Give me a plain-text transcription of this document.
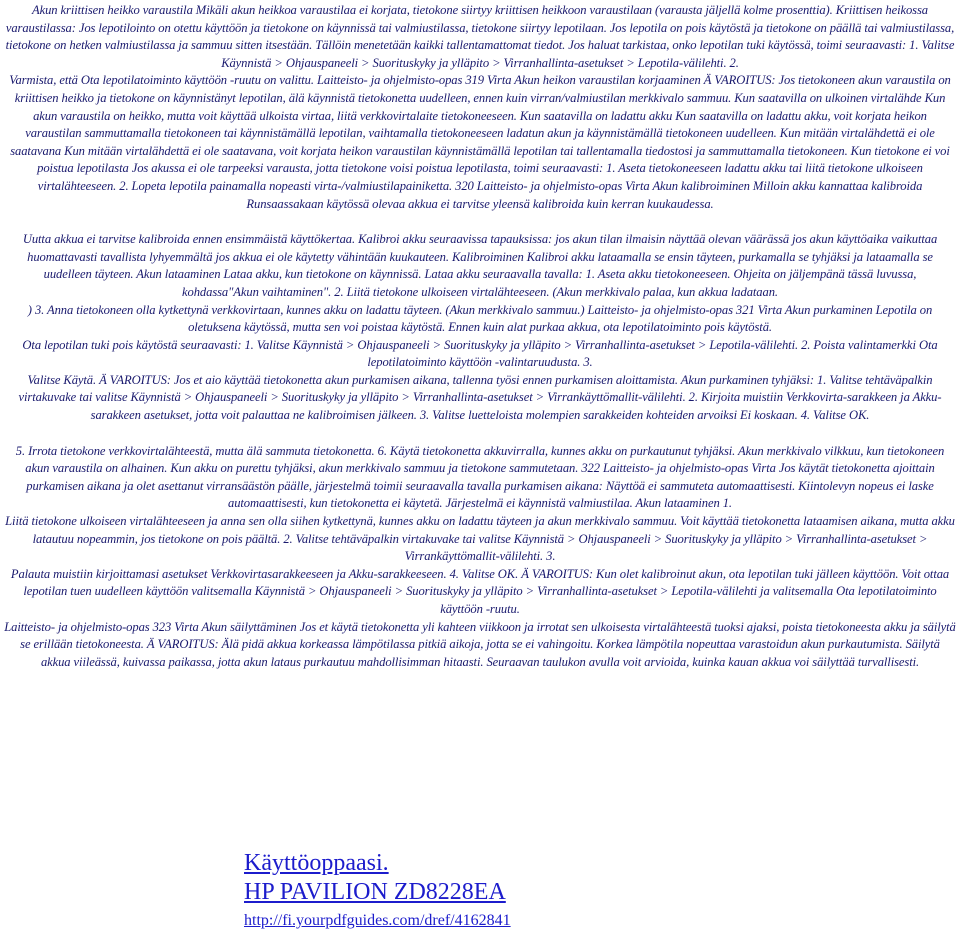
Akun kriittisen heikko varaustila Mikäli akun heikkoa varaustilaa ei korjata, tietokone siirtyy kriittisen heikkoon varaustilaan (varausta jäljellä kolme prosenttia). Kriittisen heikossa varaustilassa: Jos lepotilointo on otettu käyttöön ja tietokone on käynnissä tai valmiustilassa, tietokone siirtyy lepotilaan. Jos lepotila on pois käytöstä ja tietokone on päällä tai valmiustilassa, tietokone on hetken valmiustilassa ja sammuu sitten itsestään. Tällöin menetetään kaikki tallentamattomat tiedot. Jos haluat tarkistaa, onko lepotilan tuki käytössä, toimi seuraavasti: 1. Valitse Käynnistä > Ohjauspaneeli > Suorituskyky ja ylläpito > Virranhallinta-asetukset > Lepotila-välilehti. 2.

Varmista, että Ota lepotilatoiminto käyttöön -ruutu on valittu. Laitteisto- ja ohjelmisto-opas 319 Virta Akun heikon varaustilan korjaaminen Ä VAROITUS: Jos tietokoneen akun varaustila on kriittisen heikko ja tietokone on käynnistänyt lepotilan, älä käynnistä tietokonetta uudelleen, ennen kuin virran/valmiustilan merkkivalo sammuu. Kun saatavilla on ulkoinen virtalähde Kun akun varaustila on heikko, mutta voit käyttää ulkoista virtaa, liitä verkkovirtalaite tietokoneeseen. Kun saatavilla on ladattu akku Kun saatavilla on ladattu akku, voit korjata heikon varaustilan sammuttamalla tietokoneen tai käynnistämällä lepotilan, vaihtamalla tietokoneeseen ladatun akun ja käynnistämällä tietokoneen uudelleen. Kun mitään virtalähdettä ei ole saatavana Kun mitään virtalähdettä ei ole saatavana, voit korjata heikon varaustilan käynnistämällä lepotilan tai tallentamalla tiedostosi ja sammuttamalla tietokoneen. Kun tietokone ei voi poistua lepotilasta Jos akussa ei ole tarpeeksi varausta, jotta tietokone voisi poistua lepotilasta, toimi seuraavasti: 1. Aseta tietokoneeseen ladattu akku tai liitä tietokone ulkoiseen virtalähteeseen. 2. Lopeta lepotila painamalla nopeasti virta-/valmiustilapainiketta. 320 Laitteisto- ja ohjelmisto-opas Virta Akun kalibroiminen Milloin akku kannattaa kalibroida Runsaassakaan käytössä olevaa akkua ei tarvitse yleensä kalibroida kuin kerran kuukaudessa.

Uutta akkua ei tarvitse kalibroida ennen ensimmäistä käyttökertaa. Kalibroi akku seuraavissa tapauksissa: jos akun tilan ilmaisin näyttää olevan väärässä jos akun käyttöaika vaikuttaa huomattavasti tavallista lyhyemmältä jos akkua ei ole käytetty vähintään kuukauteen. Kalibroiminen Kalibroi akku lataamalla se ensin täyteen, purkamalla se tyhjäksi ja lataamalla se uudelleen täyteen. Akun lataaminen Lataa akku, kun tietokone on käynnissä. Lataa akku seuraavalla tavalla: 1. Aseta akku tietokoneeseen. Ohjeita on jäljempänä tässä luvussa, kohdassa"Akun vaihtaminen". 2. Liitä tietokone ulkoiseen virtalähteeseen. (Akun merkkivalo palaa, kun akkua ladataan.

) 3. Anna tietokoneen olla kytkettynä verkkovirtaan, kunnes akku on ladattu täyteen. (Akun merkkivalo sammuu.) Laitteisto- ja ohjelmisto-opas 321 Virta Akun purkaminen Lepotila on oletuksena käytössä, mutta sen voi poistaa käytöstä. Ennen kuin alat purkaa akkua, ota lepotilatoiminto pois käytöstä.

Ota lepotilan tuki pois käytöstä seuraavasti: 1. Valitse Käynnistä > Ohjauspaneeli > Suorituskyky ja ylläpito > Virranhallinta-asetukset > Lepotila-välilehti. 2. Poista valintamerkki Ota lepotilatoiminto käyttöön -valintaruudusta. 3.

Valitse Käytä. Ä VAROITUS: Jos et aio käyttää tietokonetta akun purkamisen aikana, tallenna työsi ennen purkamisen aloittamista. Akun purkaminen tyhjäksi: 1. Valitse tehtäväpalkin virtakuvake tai valitse Käynnistä > Ohjauspaneeli > Suorituskyky ja ylläpito > Virranhallinta-asetukset > Virrankäyttömallit-välilehti. 2. Kirjoita muistiin Verkkovirta-sarakkeen ja Akku-sarakkeen asetukset, jotta voit palauttaa ne kalibroimisen jälkeen. 3. Valitse luetteloista molempien sarakkeiden kohteiden arvoiksi Ei koskaan. 4. Valitse OK.

5. Irrota tietokone verkkovirtalähteestä, mutta älä sammuta tietokonetta. 6. Käytä tietokonetta akkuvirralla, kunnes akku on purkautunut tyhjäksi. Akun merkkivalo vilkkuu, kun tietokoneen akun varaustila on alhainen. Kun akku on purettu tyhjäksi, akun merkkivalo sammuu ja tietokone sammutetaan. 322 Laitteisto- ja ohjelmisto-opas Virta Jos käytät tietokonetta ajoittain purkamisen aikana ja olet asettanut virransäästön päälle, järjestelmä toimii seuraavalla tavalla purkamisen aikana: Näyttöä ei sammuteta automaattisesti. Kiintolevyn nopeus ei laske automaattisesti, kun tietokonetta ei käytetä. Järjestelmä ei käynnistä valmiustilaa. Akun lataaminen 1.

Liitä tietokone ulkoiseen virtalähteeseen ja anna sen olla siihen kytkettynä, kunnes akku on ladattu täyteen ja akun merkkivalo sammuu. Voit käyttää tietokonetta lataamisen aikana, mutta akku latautuu nopeammin, jos tietokone on pois päältä. 2. Valitse tehtäväpalkin virtakuvake tai valitse Käynnistä > Ohjauspaneeli > Suorituskyky ja ylläpito > Virranhallinta-asetukset > Virrankäyttömallit-välilehti. 3.

Palauta muistiin kirjoittamasi asetukset Verkkovirtasarakkeeseen ja Akku-sarakkeeseen. 4. Valitse OK. Ä VAROITUS: Kun olet kalibroinut akun, ota lepotilan tuki jälleen käyttöön. Voit ottaa lepotilan tuen uudelleen käyttöön valitsemalla Käynnistä > Ohjauspaneeli > Suorituskyky ja ylläpito > Virranhallinta-asetukset > Lepotila-välilehti ja valitsemalla Ota lepotilatoiminto käyttöön -ruutu.

Laitteisto- ja ohjelmisto-opas 323 Virta Akun säilyttäminen Jos et käytä tietokonetta yli kahteen viikkoon ja irrotat sen ulkoisesta virtalähteestä tuoksi ajaksi, poista tietokoneesta akku ja säilytä se erillään tietokoneesta. Ä VAROITUS: Älä pidä akkua korkeassa lämpötilassa pitkiä aikoja, jotta se ei vahingoitu. Korkea lämpötila nopeuttaa varastoidun akun purkautumista. Säilytä akkua viileässä, kuivassa paikassa, jotta akun lataus purkautuu mahdollisimman hitaasti. Seuraavan taulukon avulla voit arvioida, kuinka kauan akkua voi säilyttää turvallisesti.

Käyttöoppaasi.
HP PAVILION ZD8228EA
http://fi.yourpdfguides.com/dref/4162841
